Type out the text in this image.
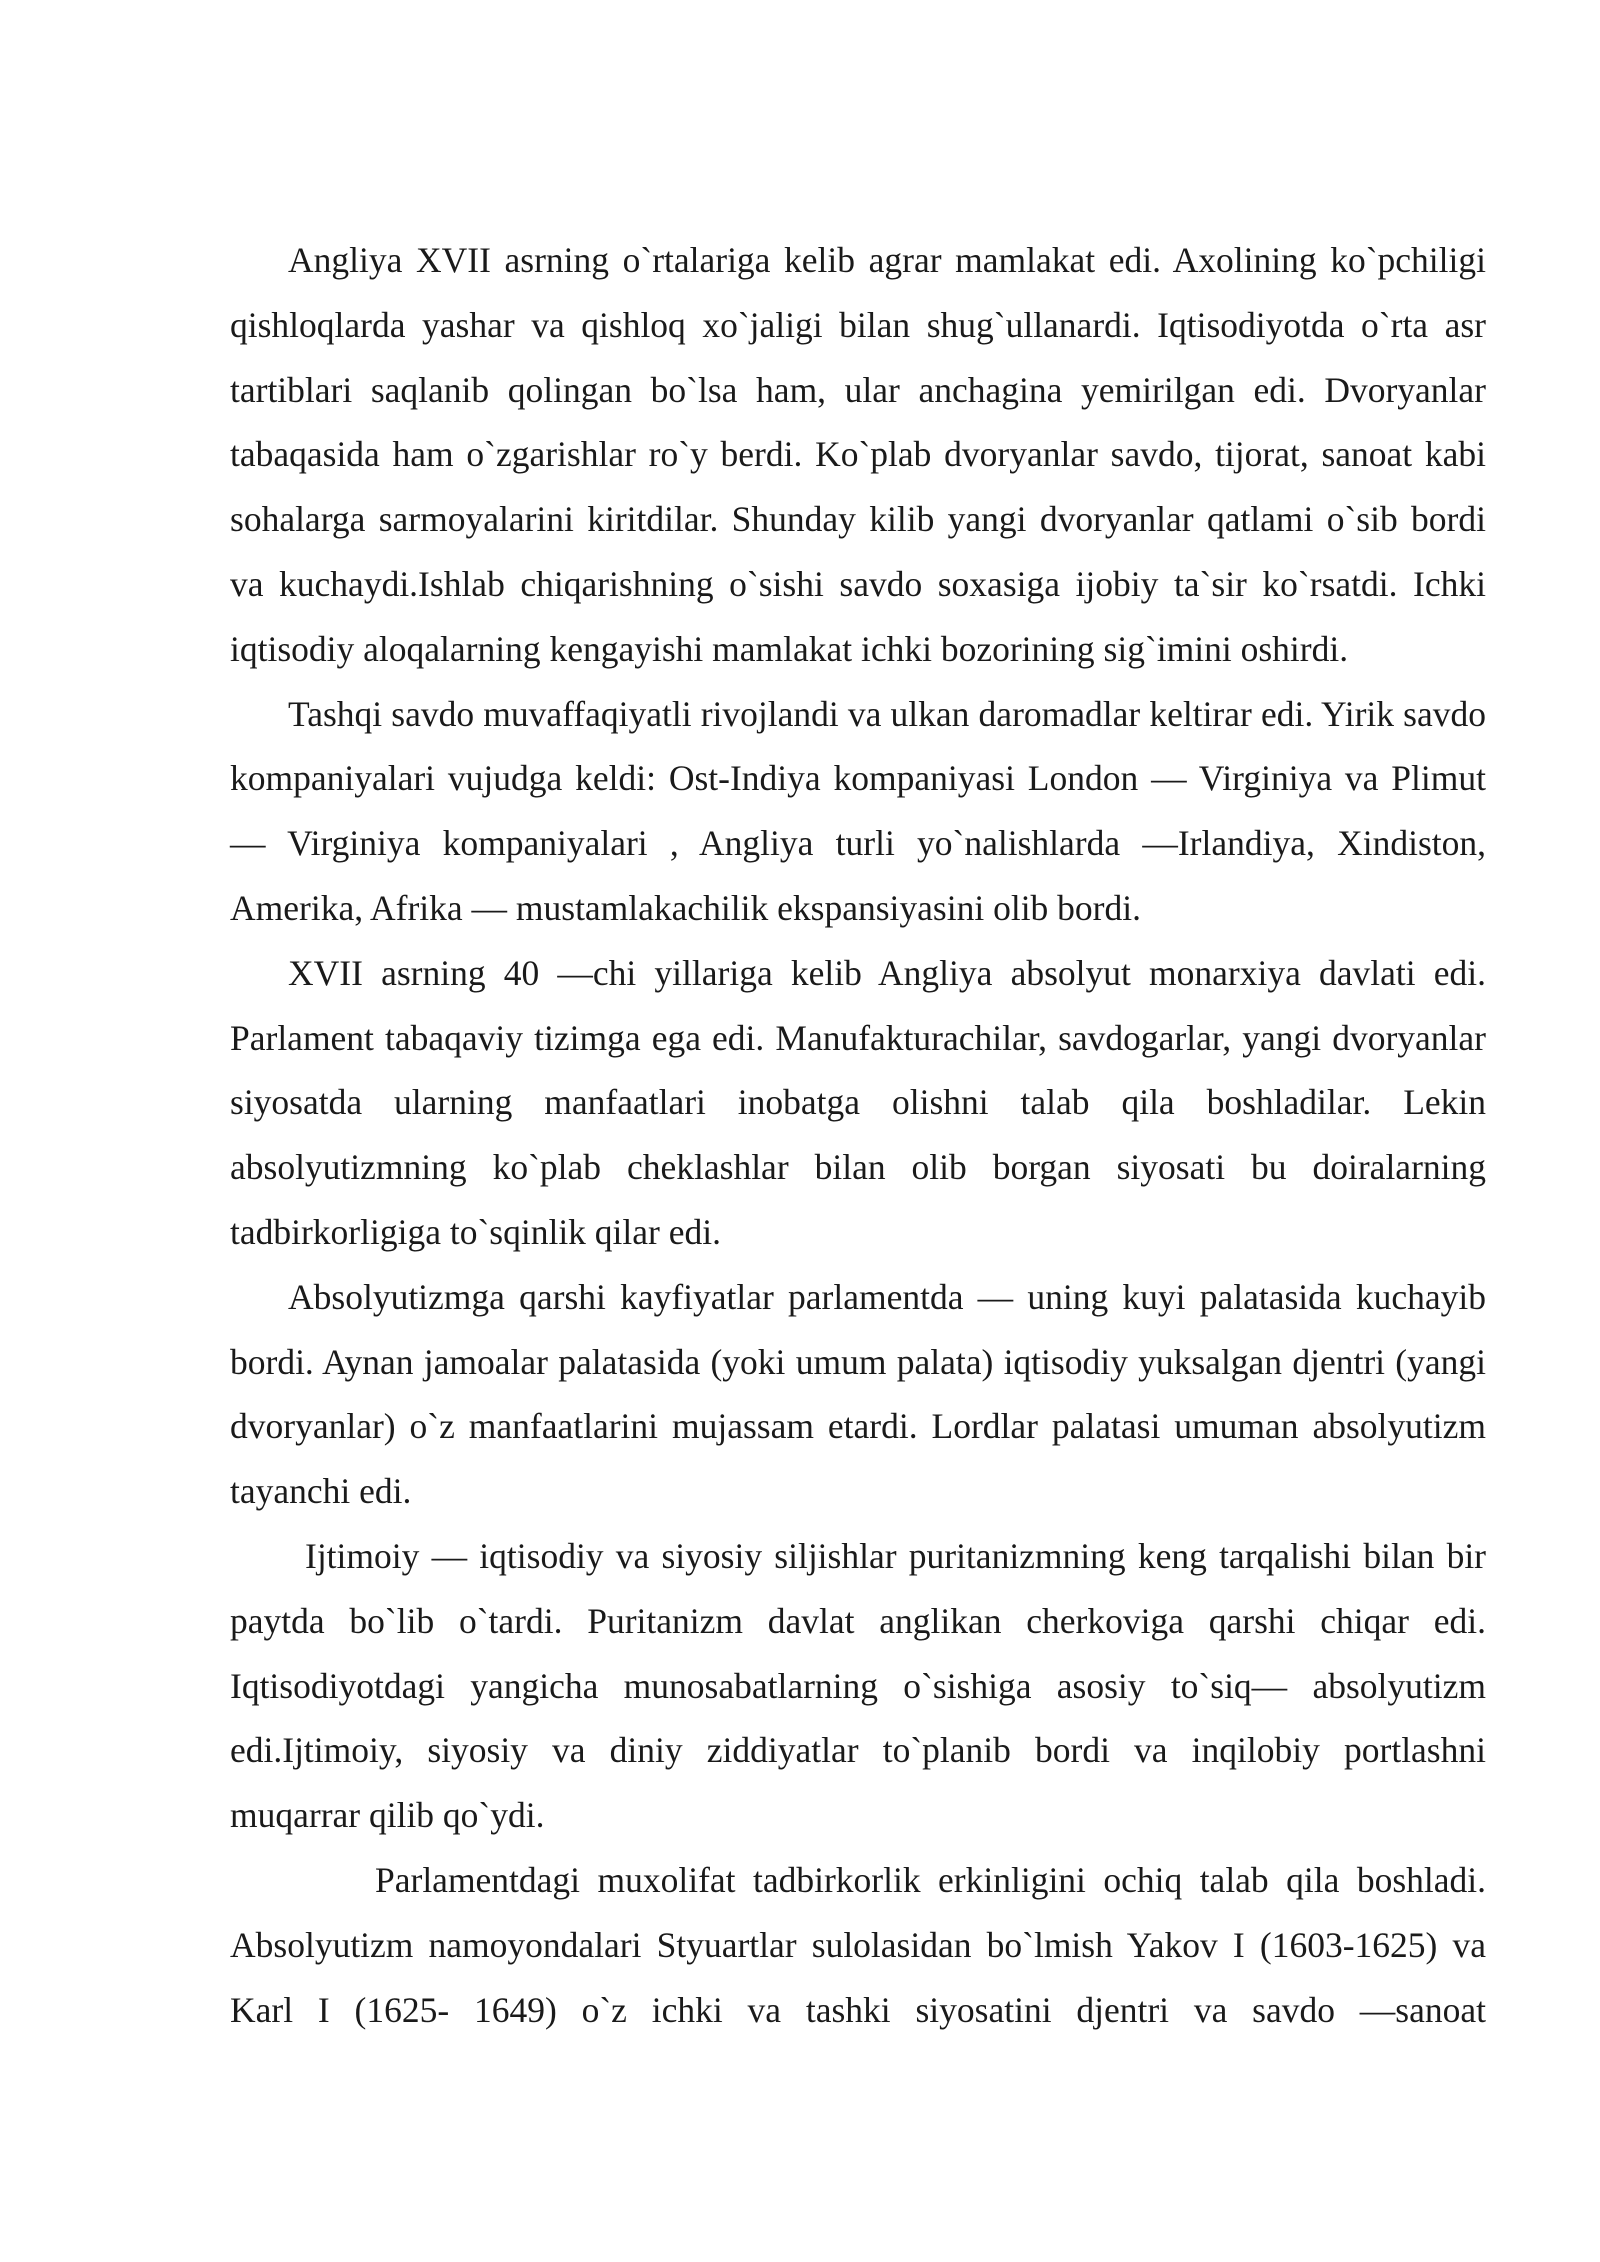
Angliya XVII asrning o`rtalariga kelib agrar mamlakat edi. Axolining ko`pchiligi qishloqlarda yashar va qishloq xo`jaligi bilan shug`ullanardi. Iqtisodiyotda o`rta asr tartiblari saqlanib qolingan bo`lsa ham, ular anchagina yemirilgan edi. Dvoryanlar tabaqasida ham o`zgarishlar ro`y berdi. Ko`plab dvoryanlar savdo, tijorat, sanoat kabi sohalarga sarmoyalarini kiritdilar. Shunday kilib yangi dvoryanlar qatlami o`sib bordi va kuchaydi.Ishlab chiqarishning o`sishi savdo soxasiga ijobiy ta`sir ko`rsatdi. Ichki iqtisodiy aloqalarning kengayishi mamlakat ichki bozorining sig`imini oshirdi.

Tashqi savdo muvaffaqiyatli rivojlandi va ulkan daromadlar keltirar edi. Yirik savdo kompaniyalari vujudga keldi: Ost-Indiya kompaniyasi London — Virginiya va Plimut — Virginiya kompaniyalari , Angliya turli yo`nalishlarda —Irlandiya, Xindiston, Amerika, Afrika — mustamlakachilik ekspansiyasini olib bordi.

XVII asrning 40 —chi yillariga kelib Angliya absolyut monarxiya davlati edi. Parlament tabaqaviy tizimga ega edi. Manufakturachilar, savdogarlar, yangi dvoryanlar siyosatda ularning manfaatlari inobatga olishni talab qila boshladilar. Lekin absolyutizmning ko`plab cheklashlar bilan olib borgan siyosati bu doiralarning tadbirkorligiga to`sqinlik qilar edi.

Absolyutizmga qarshi kayfiyatlar parlamentda — uning kuyi palatasida kuchayib bordi. Aynan jamoalar palatasida (yoki umum palata) iqtisodiy yuksalgan djentri (yangi dvoryanlar) o`z manfaatlarini mujassam etardi. Lordlar palatasi umuman absolyutizm tayanchi edi.

Ijtimoiy — iqtisodiy va siyosiy siljishlar puritanizmning keng tarqalishi bilan bir paytda bo`lib o`tardi. Puritanizm davlat anglikan cherkoviga qarshi chiqar edi. Iqtisodiyotdagi yangicha munosabatlarning o`sishiga asosiy to`siq— absolyutizm edi.Ijtimoiy, siyosiy va diniy ziddiyatlar to`planib bordi va inqilobiy portlashni muqarrar qilib qo`ydi.

Parlamentdagi muxolifat tadbirkorlik erkinligini ochiq talab qila boshladi. Absolyutizm namoyondalari Styuartlar sulolasidan bo`lmish Yakov I (1603-1625) va Karl I (1625- 1649) o`z ichki va tashki siyosatini djentri va savdo —sanoat
